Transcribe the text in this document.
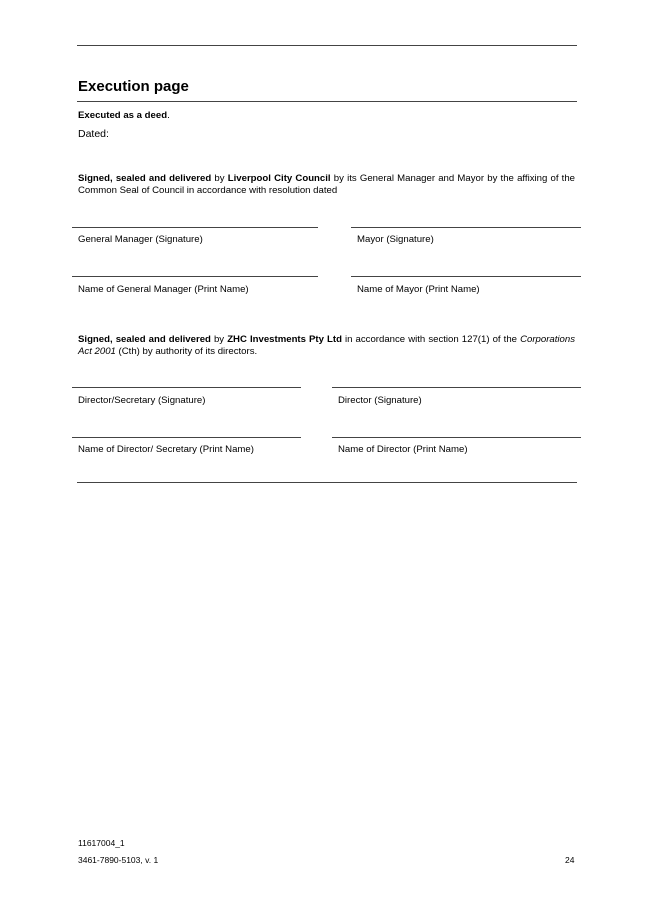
Execution page
Executed as a deed.
Dated:
Signed, sealed and delivered by Liverpool City Council by its General Manager and Mayor by the affixing of the Common Seal of Council in accordance with resolution dated
General Manager (Signature)	Mayor (Signature)
Name of General Manager (Print Name)	Name of Mayor (Print Name)
Signed, sealed and delivered by ZHC Investments Pty Ltd in accordance with section 127(1) of the Corporations Act 2001 (Cth) by authority of its directors.
Director/Secretary (Signature)	Director (Signature)
Name of Director/ Secretary (Print Name)	Name of Director (Print Name)
11617004_1
3461-7890-5103, v. 1	24
